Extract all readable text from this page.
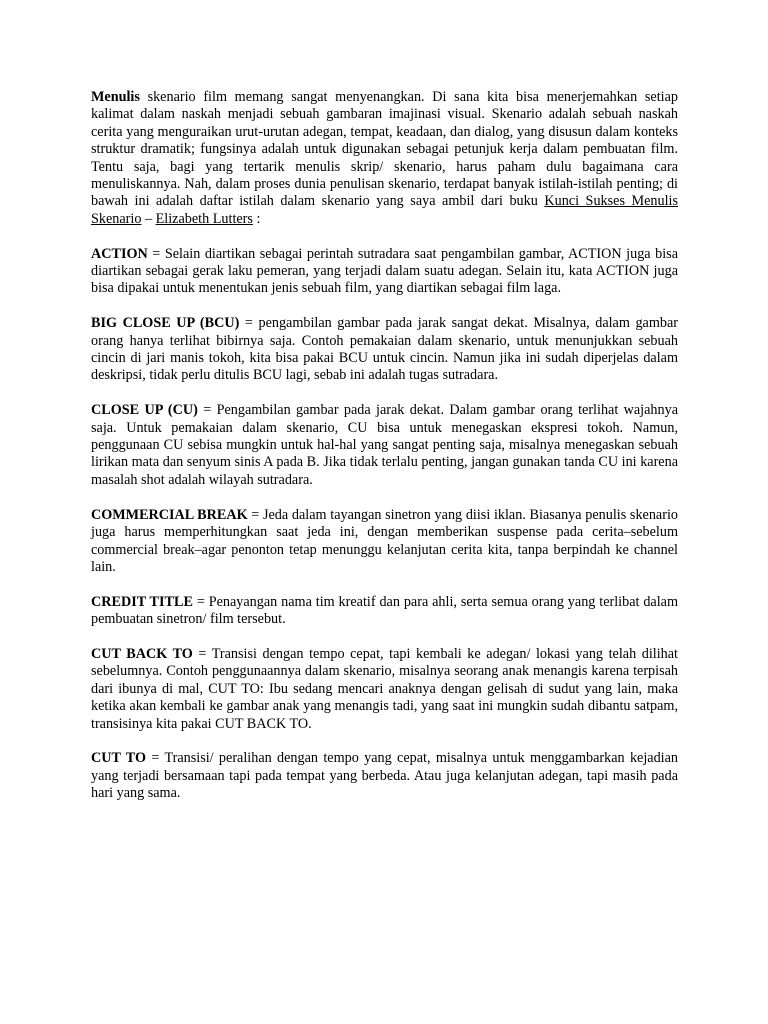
Menulis skenario film memang sangat menyenangkan. Di sana kita bisa menerjemahkan setiap kalimat dalam naskah menjadi sebuah gambaran imajinasi visual. Skenario adalah sebuah naskah cerita yang menguraikan urut-urutan adegan, tempat, keadaan, dan dialog, yang disusun dalam konteks struktur dramatik; fungsinya adalah untuk digunakan sebagai petunjuk kerja dalam pembuatan film. Tentu saja, bagi yang tertarik menulis skrip/ skenario, harus paham dulu bagaimana cara menuliskannya. Nah, dalam proses dunia penulisan skenario, terdapat banyak istilah-istilah penting; di bawah ini adalah daftar istilah dalam skenario yang saya ambil dari buku Kunci Sukses Menulis Skenario – Elizabeth Lutters :

ACTION = Selain diartikan sebagai perintah sutradara saat pengambilan gambar, ACTION juga bisa diartikan sebagai gerak laku pemeran, yang terjadi dalam suatu adegan. Selain itu, kata ACTION juga bisa dipakai untuk menentukan jenis sebuah film, yang diartikan sebagai film laga.

BIG CLOSE UP (BCU) = pengambilan gambar pada jarak sangat dekat. Misalnya, dalam gambar orang hanya terlihat bibirnya saja. Contoh pemakaian dalam skenario, untuk menunjukkan sebuah cincin di jari manis tokoh, kita bisa pakai BCU untuk cincin. Namun jika ini sudah diperjelas dalam deskripsi, tidak perlu ditulis BCU lagi, sebab ini adalah tugas sutradara.

CLOSE UP (CU) = Pengambilan gambar pada jarak dekat. Dalam gambar orang terlihat wajahnya saja. Untuk pemakaian dalam skenario, CU bisa untuk menegaskan ekspresi tokoh. Namun, penggunaan CU sebisa mungkin untuk hal-hal yang sangat penting saja, misalnya menegaskan sebuah lirikan mata dan senyum sinis A pada B. Jika tidak terlalu penting, jangan gunakan tanda CU ini karena masalah shot adalah wilayah sutradara.

COMMERCIAL BREAK = Jeda dalam tayangan sinetron yang diisi iklan. Biasanya penulis skenario juga harus memperhitungkan saat jeda ini, dengan memberikan suspense pada cerita–sebelum commercial break–agar penonton tetap menunggu kelanjutan cerita kita, tanpa berpindah ke channel lain.

CREDIT TITLE = Penayangan nama tim kreatif dan para ahli, serta semua orang yang terlibat dalam pembuatan sinetron/ film tersebut.

CUT BACK TO = Transisi dengan tempo cepat, tapi kembali ke adegan/ lokasi yang telah dilihat sebelumnya. Contoh penggunaannya dalam skenario, misalnya seorang anak menangis karena terpisah dari ibunya di mal, CUT TO: Ibu sedang mencari anaknya dengan gelisah di sudut yang lain, maka ketika akan kembali ke gambar anak yang menangis tadi, yang saat ini mungkin sudah dibantu satpam, transisinya kita pakai CUT BACK TO.

CUT TO = Transisi/ peralihan dengan tempo yang cepat, misalnya untuk menggambarkan kejadian yang terjadi bersamaan tapi pada tempat yang berbeda. Atau juga kelanjutan adegan, tapi masih pada hari yang sama.
